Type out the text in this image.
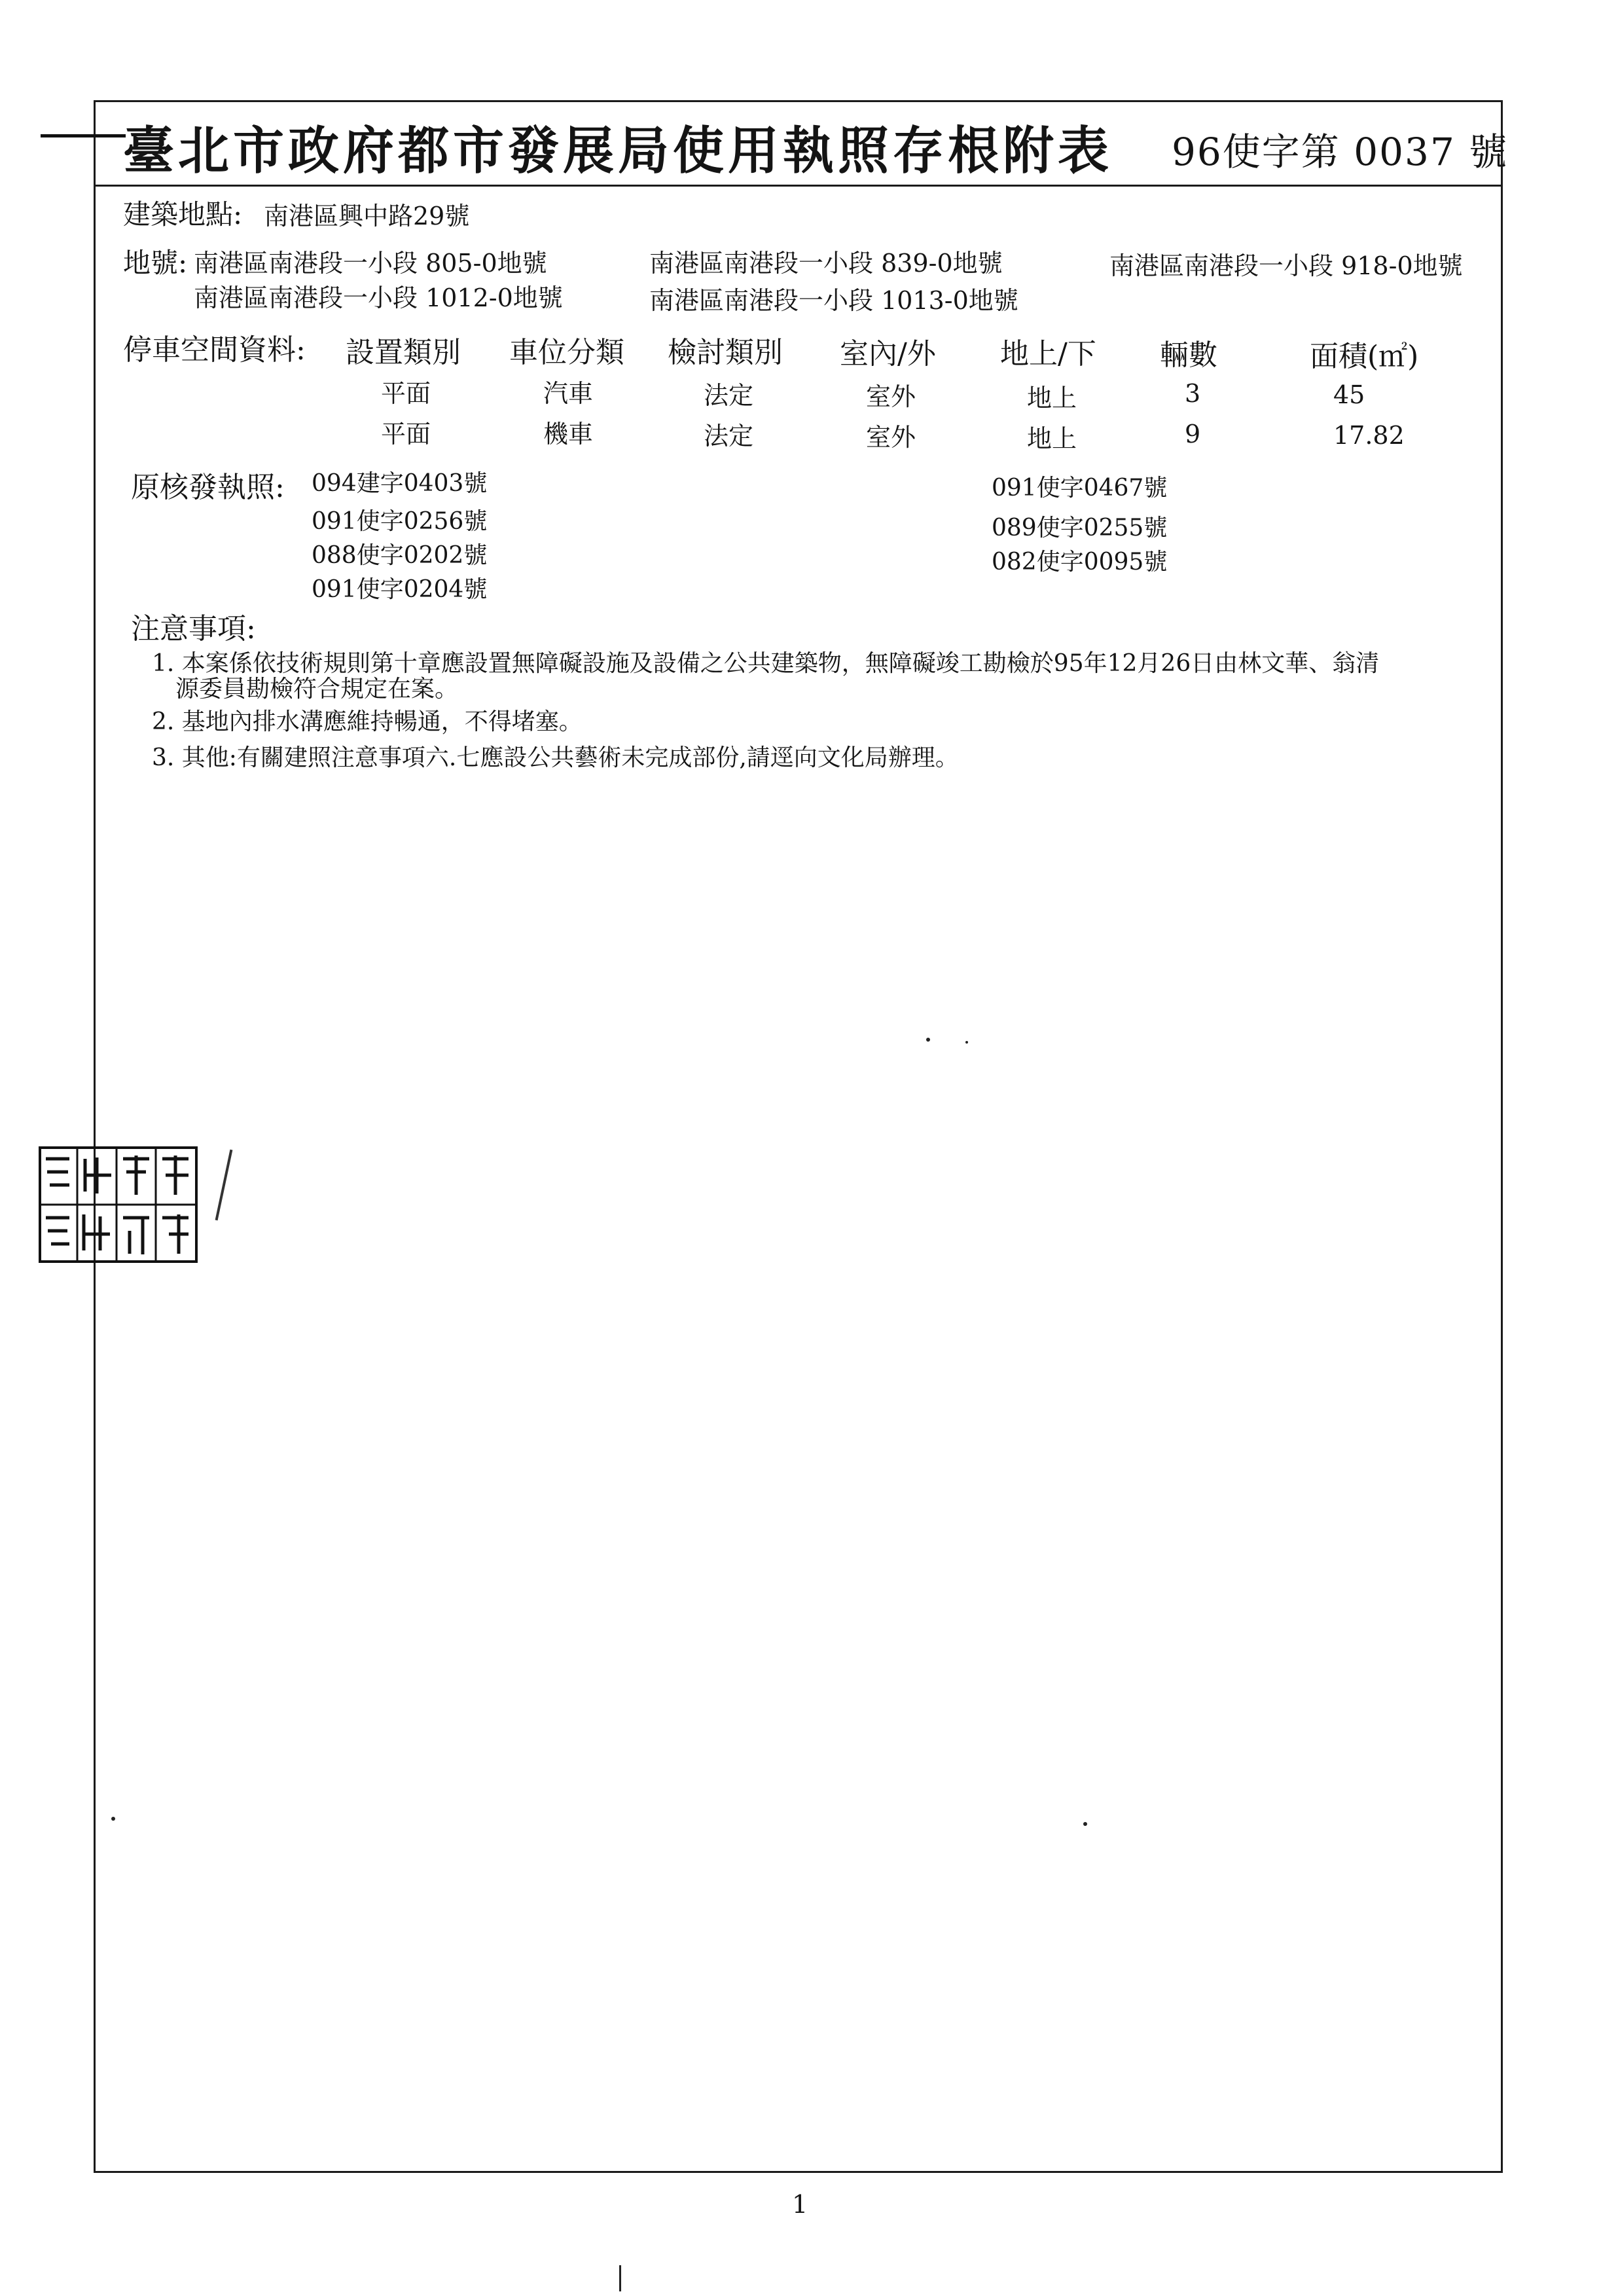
臺北市政府都市發展局使用執照存根附表 96使字第 0037 號
建築地點: 南港區興中路29號
地號: 南港區南港段一小段 805-0地號	南港區南港段一小段 839-0地號	南港區南港段一小段 918-0地號
南港區南港段一小段 1012-0地號	南港區南港段一小段 1013-0地號
停車空間資料: 設置類別 車位分類 檢討類別 室內/外 地上/下 輛數	面積(㎡)
平面	汽車	法定	室外	地上	3	45
平面	機車	法定	室外	地上	9	17.82
原核發執照: 094建字0403號
091使字0256號
088使字0202號
091使字0204號
091使字0467號
089使字0255號
082使字0095號
注意事項:
1. 本案係依技術規則第十章應設置無障礙設施及設備之公共建築物，無障礙竣工勘檢於95年12月26日由林文華、翁清
源委員勘檢符合規定在案。
2. 基地內排水溝應維持暢通，不得堵塞。
3. 其他:有關建照注意事項六.七應設公共藝術未完成部份,請逕向文化局辦理。
1
